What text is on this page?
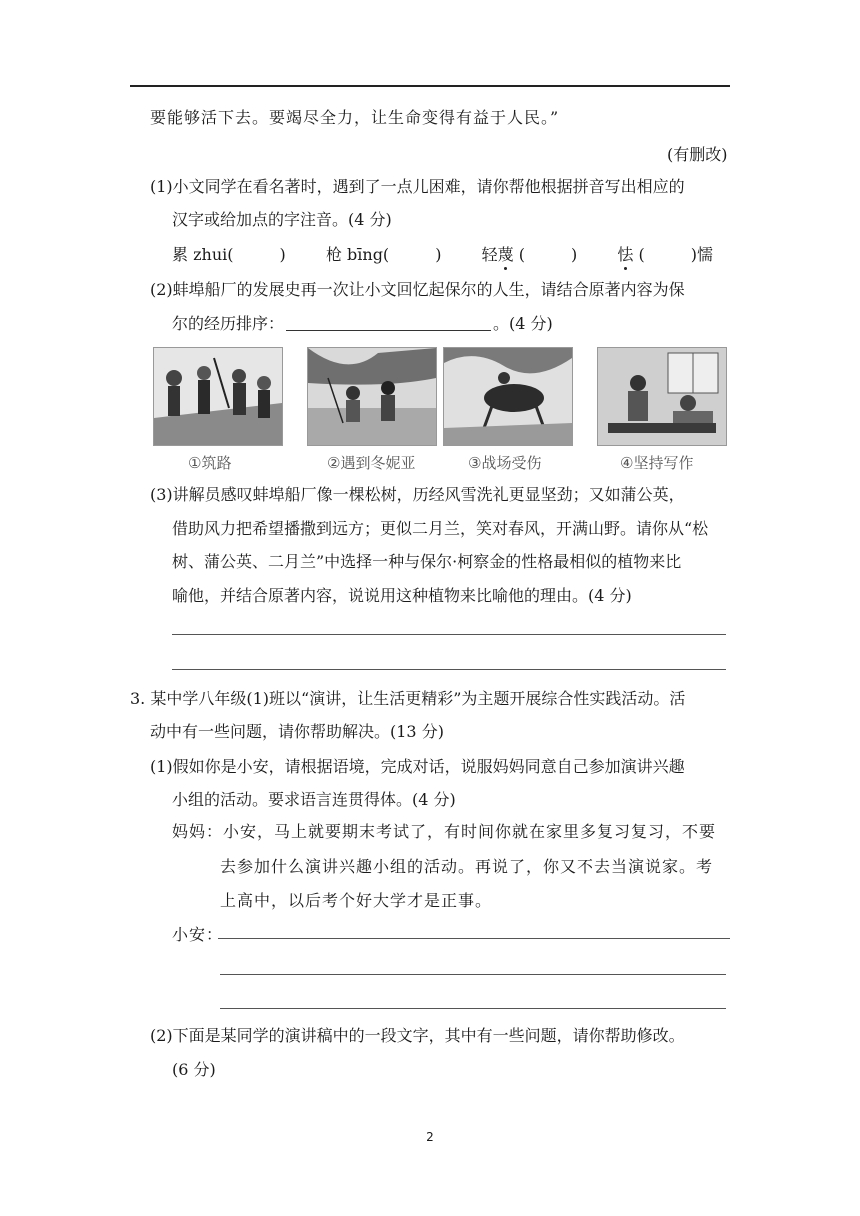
要能够活下去。要竭尽全力，让生命变得有益于人民。”
(有删改)
(1)小文同学在看名著时，遇到了一点儿困难，请你帮他根据拼音写出相应的
汉字或给加点的字注音。(4 分)
累 zhui(	)	枪 bīng(	)	轻蔑 (	)	怯 (	)懦
(2)蚌埠船厂的发展史再一次让小文回忆起保尔的人生，请结合原著内容为保
尔的经历排序：	。(4 分)
①筑路	②遇到冬妮亚	③战场受伤	④坚持写作
(3)讲解员感叹蚌埠船厂像一棵松树，历经风雪洗礼更显坚劲；又如蒲公英，
借助风力把希望播撒到远方；更似二月兰，笑对春风，开满山野。请你从“松
树、蒲公英、二月兰”中选择一种与保尔·柯察金的性格最相似的植物来比
喻他，并结合原著内容，说说用这种植物来比喻他的理由。(4 分)
3. 某中学八年级(1)班以“演讲，让生活更精彩”为主题开展综合性实践活动。活
动中有一些问题，请你帮助解决。(13 分)
(1)假如你是小安，请根据语境，完成对话，说服妈妈同意自己参加演讲兴趣
小组的活动。要求语言连贯得体。(4 分)
妈妈：小安，马上就要期末考试了，有时间你就在家里多复习复习，不要
去参加什么演讲兴趣小组的活动。再说了，你又不去当演说家。考
上高中，以后考个好大学才是正事。
小安：
(2)下面是某同学的演讲稿中的一段文字，其中有一些问题，请你帮助修改。
(6 分)
2
